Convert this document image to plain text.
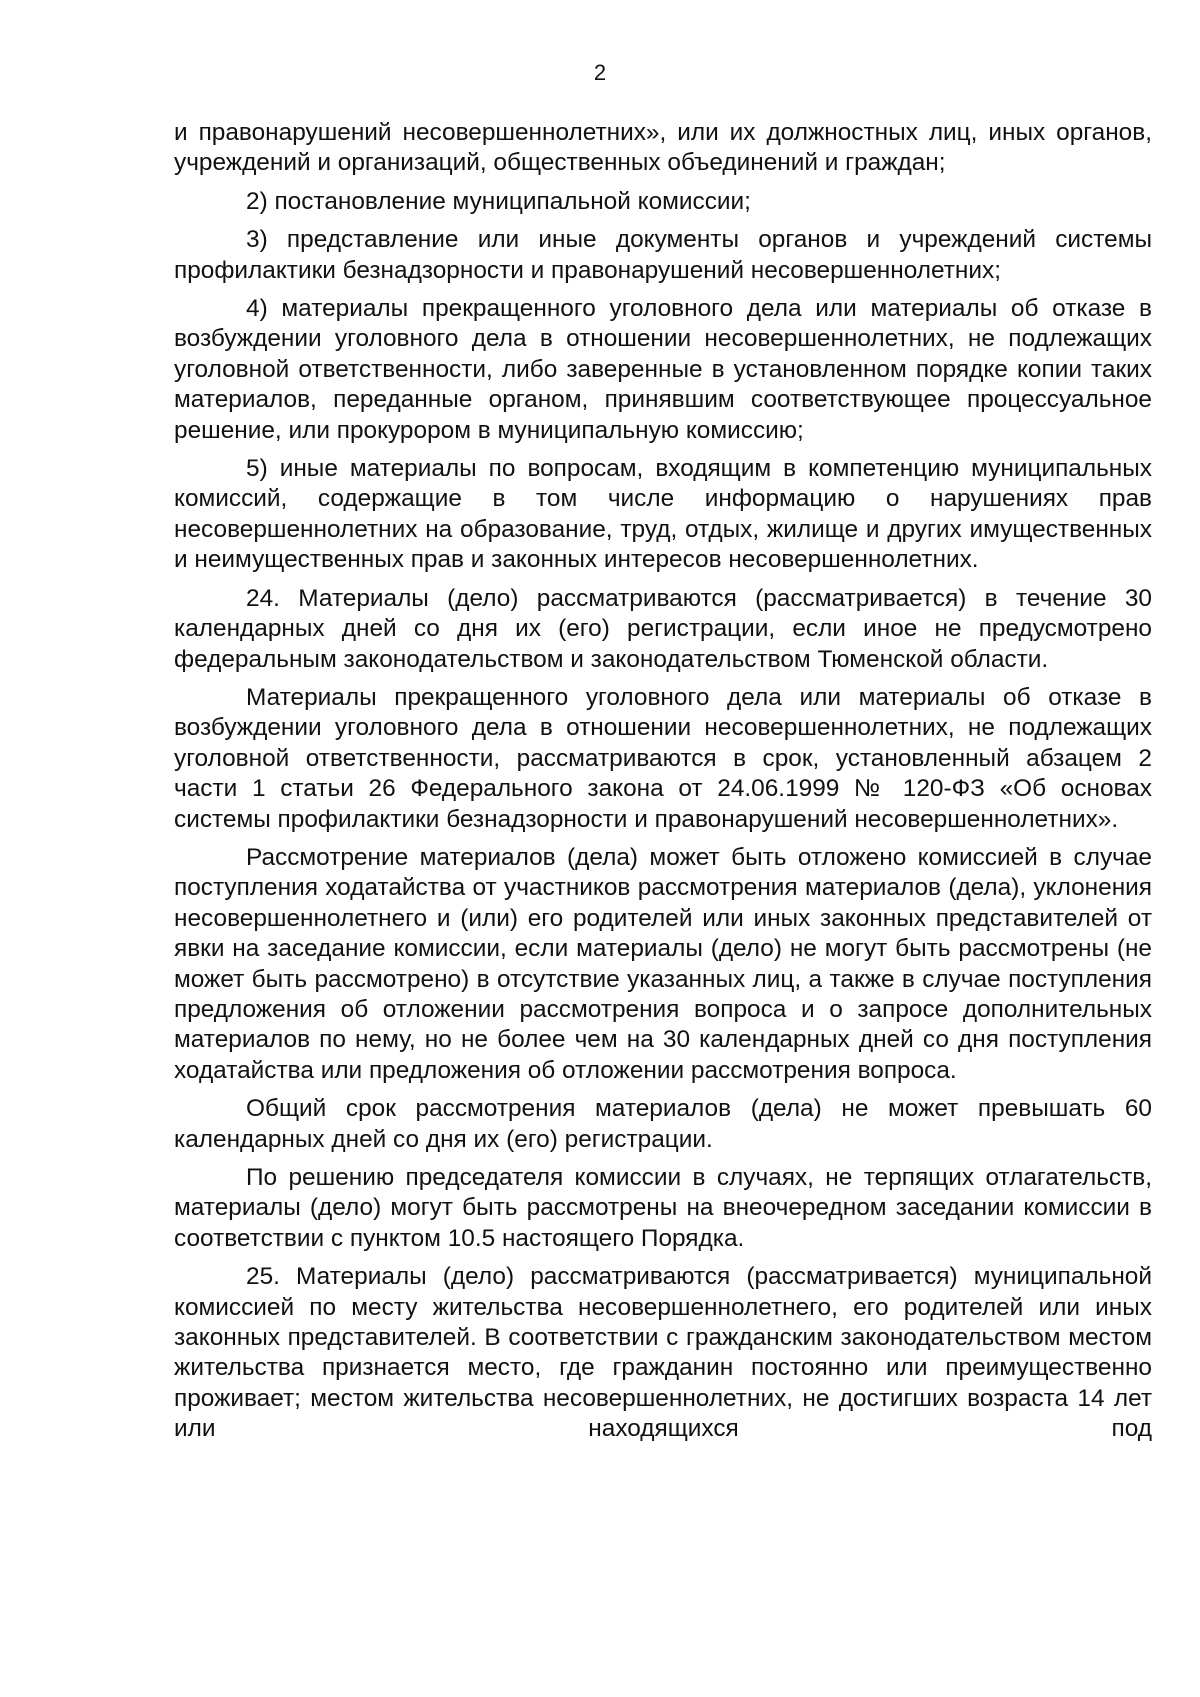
2

и правонарушений несовершеннолетних», или их должностных лиц, иных органов, учреждений и организаций, общественных объединений и граждан;

2) постановление муниципальной комиссии;

3) представление или иные документы органов и учреждений системы профилактики безнадзорности и правонарушений несовершеннолетних;

4) материалы прекращенного уголовного дела или материалы об отказе в возбуждении уголовного дела в отношении несовершеннолетних, не подлежащих уголовной ответственности, либо заверенные в установленном порядке копии таких материалов, переданные органом, принявшим соответствующее процессуальное решение, или прокурором в муниципальную комиссию;

5) иные материалы по вопросам, входящим в компетенцию муниципальных комиссий, содержащие в том числе информацию о нарушениях прав несовершеннолетних на образование, труд, отдых, жилище и других имущественных и неимущественных прав и законных интересов несовершеннолетних.

24. Материалы (дело) рассматриваются (рассматривается) в течение 30 календарных дней со дня их (его) регистрации, если иное не предусмотрено федеральным законодательством и законодательством Тюменской области.

Материалы прекращенного уголовного дела или материалы об отказе в возбуждении уголовного дела в отношении несовершеннолетних, не подлежащих уголовной ответственности, рассматриваются в срок, установленный абзацем 2 части 1 статьи 26 Федерального закона от 24.06.1999 № 120-ФЗ «Об основах системы профилактики безнадзорности и правонарушений несовершеннолетних».

Рассмотрение материалов (дела) может быть отложено комиссией в случае поступления ходатайства от участников рассмотрения материалов (дела), уклонения несовершеннолетнего и (или) его родителей или иных законных представителей от явки на заседание комиссии, если материалы (дело) не могут быть рассмотрены (не может быть рассмотрено) в отсутствие указанных лиц, а также в случае поступления предложения об отложении рассмотрения вопроса и о запросе дополнительных материалов по нему, но не более чем на 30 календарных дней со дня поступления ходатайства или предложения об отложении рассмотрения вопроса.

Общий срок рассмотрения материалов (дела) не может превышать 60 календарных дней со дня их (его) регистрации.

По решению председателя комиссии в случаях, не терпящих отлагательств, материалы (дело) могут быть рассмотрены на внеочередном заседании комиссии в соответствии с пунктом 10.5 настоящего Порядка.

25. Материалы (дело) рассматриваются (рассматривается) муниципальной комиссией по месту жительства несовершеннолетнего, его родителей или иных законных представителей. В соответствии с гражданским законодательством местом жительства признается место, где гражданин постоянно или преимущественно проживает; местом жительства несовершеннолетних, не достигших возраста 14 лет или находящихся под
